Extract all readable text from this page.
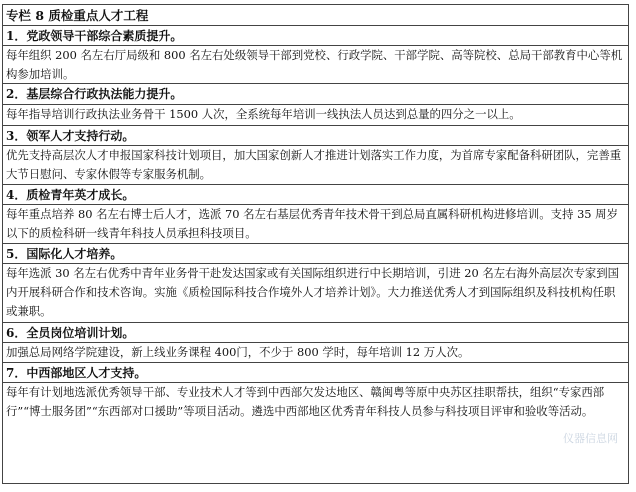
专栏 8 质检重点人才工程
1．党政领导干部综合素质提升。
每年组织 200 名左右厅局级和 800 名左右处级领导干部到党校、行政学院、干部学院、高等院校、总局干部教育中心等机构参加培训。
2．基层综合行政执法能力提升。
每年指导培训行政执法业务骨干 1500 人次，全系统每年培训一线执法人员达到总量的四分之一以上。
3．领军人才支持行动。
优先支持高层次人才申报国家科技计划项目，加大国家创新人才推进计划落实工作力度，为首席专家配备科研团队，完善重大节日慰问、专家休假等专家服务机制。
4．质检青年英才成长。
每年重点培养 80 名左右博士后人才，选派 70 名左右基层优秀青年技术骨干到总局直属科研机构进修培训。支持 35 周岁以下的质检科研一线青年科技人员承担科技项目。
5．国际化人才培养。
每年选派 30 名左右优秀中青年业务骨干赴发达国家或有关国际组织进行中长期培训，引进 20 名左右海外高层次专家到国内开展科研合作和技术咨询。实施《质检国际科技合作境外人才培养计划》。大力推送优秀人才到国际组织及科技机构任职或兼职。
6．全员岗位培训计划。
加强总局网络学院建设，新上线业务课程 400门，不少于 800 学时，每年培训 12 万人次。
7．中西部地区人才支持。
每年有计划地选派优秀领导干部、专业技术人才等到中西部欠发达地区、赣闽粤等原中央苏区挂职帮扶，组织“专家西部行”“博士服务团”“东西部对口援助”等项目活动。遴选中西部地区优秀青年科技人员参与科技项目评审和验收等活动。
仪器信息网
